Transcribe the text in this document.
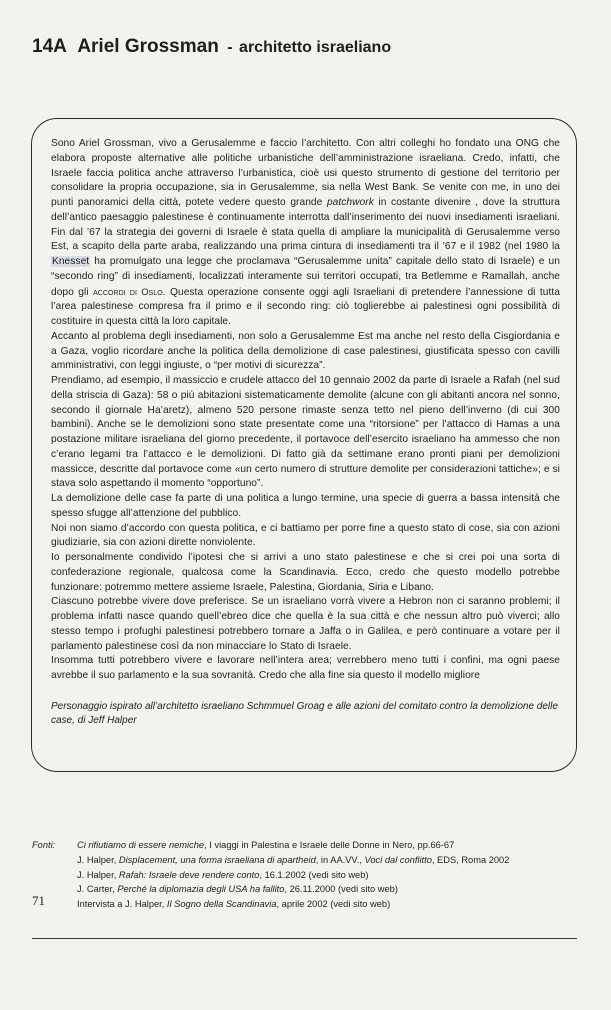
14A Ariel Grossman - architetto israeliano

Sono Ariel Grossman, vivo a Gerusalemme e faccio l’architetto. Con altri colleghi ho fondato una ONG che elabora proposte alternative alle politiche urbanistiche dell’amministrazione israeliana. Credo, infatti, che Israele faccia politica anche attraverso l’urbanistica, cioè usi questo strumento di gestione del territorio per consolidare la propria occupazione, sia in Gerusalemme, sia nella West Bank. Se venite con me, in uno dei punti panoramici della città, potete vedere questo grande patchwork in costante divenire , dove la struttura dell’antico paesaggio palestinese è continuamente interrotta dall’inserimento dei nuovi insediamenti israeliani. Fin dal ’67 la strategia dei governi di Israele è stata quella di ampliare la municipalità di Gerusalemme verso Est, a scapito della parte araba, realizzando una prima cintura di insediamenti tra il ’67 e il 1982 (nel 1980 la Knesset ha promulgato una legge che proclamava “Gerusalemme unita” capitale dello stato di Israele) e un “secondo ring” di insediamenti, localizzati interamente sui territori occupati, tra Betlemme e Ramallah, anche dopo gli accordi di Oslo. Questa operazione consente oggi agli Israeliani di pretendere l’annessione di tutta l’area palestinese compresa fra il primo e il secondo ring: ciò toglierebbe ai palestinesi ogni possibilità di costituire in questa città la loro capitale.

Accanto al problema degli insediamenti, non solo a Gerusalemme Est ma anche nel resto della Cisgiordania e a Gaza, voglio ricordare anche la politica della demolizione di case palestinesi, giustificata spesso con cavilli amministrativi, con leggi ingiuste, o “per motivi di sicurezza”.

Prendiamo, ad esempio, il massiccio e crudele attacco del 10 gennaio 2002 da parte di Israele a Rafah (nel sud della striscia di Gaza): 58 o più abitazioni sistematicamente demolite (alcune con gli abitanti ancora nel sonno, secondo il giornale Ha’aretz), almeno 520 persone rimaste senza tetto nel pieno dell’inverno (di cui 300 bambini). Anche se le demolizioni sono state presentate come una “ritorsione” per l’attacco di Hamas a una postazione militare israeliana del giorno precedente, il portavoce dell’esercito israeliano ha ammesso che non c’erano legami tra l’attacco e le demolizioni. Di fatto già da settimane erano pronti piani per demolizioni massicce, descritte dal portavoce come «un certo numero di strutture demolite per considerazioni tattiche»; e si stava solo aspettando il momento “opportuno”.

La demolizione delle case fa parte di una politica a lungo termine, una specie di guerra a bassa intensità che spesso sfugge all’attenzione del pubblico.

Noi non siamo d’accordo con questa politica, e ci battiamo per porre fine a questo stato di cose, sia con azioni giudiziarie, sia con azioni dirette nonviolente.

Io personalmente condivido l’ipotesi che si arrivi a uno stato palestinese e che si crei poi una sorta di confederazione regionale, qualcosa come la Scandinavia. Ecco, credo che questo modello potrebbe funzionare: potremmo mettere assieme Israele, Palestina, Giordania, Siria e Libano.

Ciascuno potrebbe vivere dove preferisce. Se un israeliano vorrà vivere a Hebron non ci saranno problemi; il problema infatti nasce quando quell’ebreo dice che quella è la sua città e che nessun altro può viverci; allo stesso tempo i profughi palestinesi potrebbero tornare a Jaffa o in Galilea, e però continuare a votare per il parlamento palestinese così da non minacciare lo Stato di Israele.

Insomma tutti potrebbero vivere e lavorare nell’intera area; verrebbero meno tutti i confini, ma ogni paese avrebbe il suo parlamento e la sua sovranità. Credo che alla fine sia questo il modello migliore

Personaggio ispirato all’architetto israeliano Schmmuel Groag e alle azioni del comitato contro la demolizione delle case, di Jeff Halper
Fonti: Ci rifiutiamo di essere nemiche, I viaggi in Palestina e Israele delle Donne in Nero, pp.66-67
J. Halper, Displacement, una forma israeliana di apartheid, in AA.VV., Voci dal conflitto, EDS, Roma 2002
J. Halper, Rafah: Israele deve rendere conto, 16.1.2002 (vedi sito web)
J. Carter, Perché la diplomazia degli USA ha fallito, 26.11.2000 (vedi sito web)
Intervista a J. Halper, Il Sogno della Scandinavia, aprile 2002 (vedi sito web)
71
